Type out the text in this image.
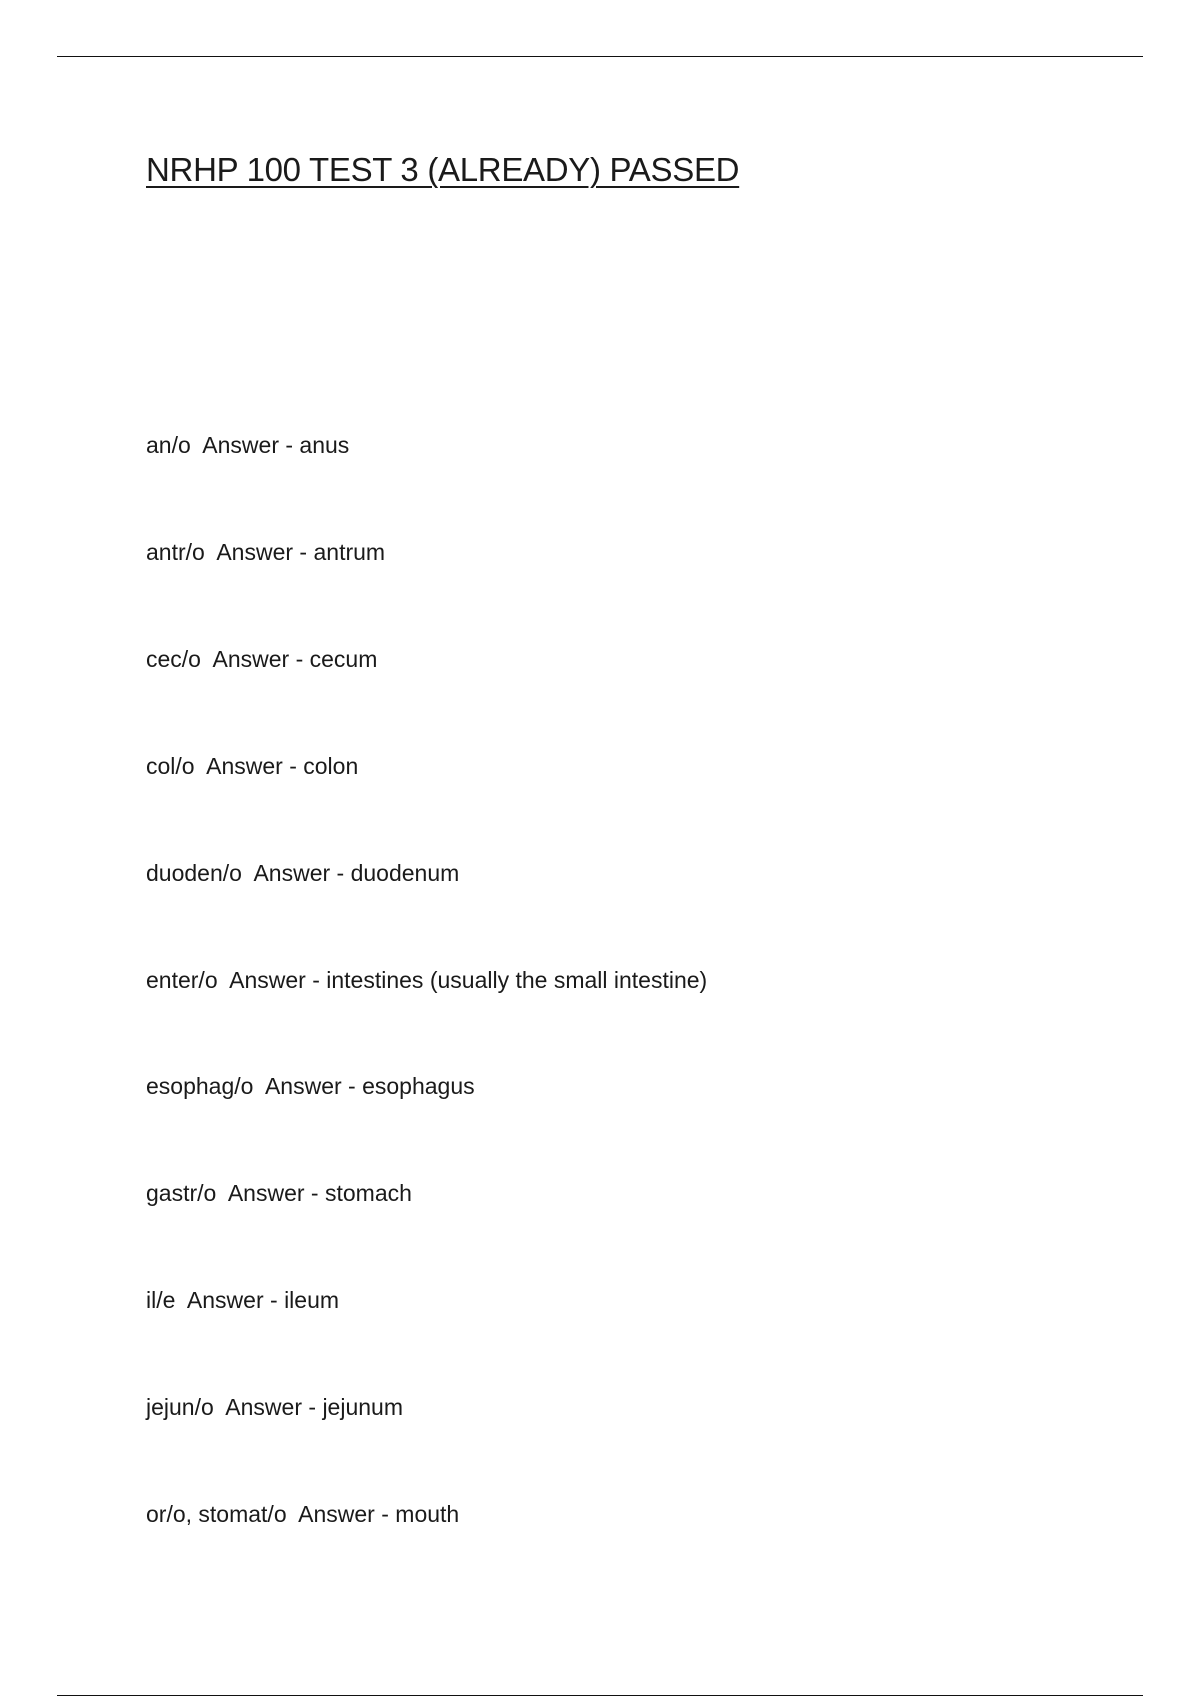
NRHP 100 TEST 3 (ALREADY) PASSED
an/o Answer - anus
antr/o Answer - antrum
cec/o Answer - cecum
col/o Answer - colon
duoden/o Answer - duodenum
enter/o Answer - intestines (usually the small intestine)
esophag/o Answer - esophagus
gastr/o Answer - stomach
il/e Answer - ileum
jejun/o Answer - jejunum
or/o, stomat/o Answer - mouth
